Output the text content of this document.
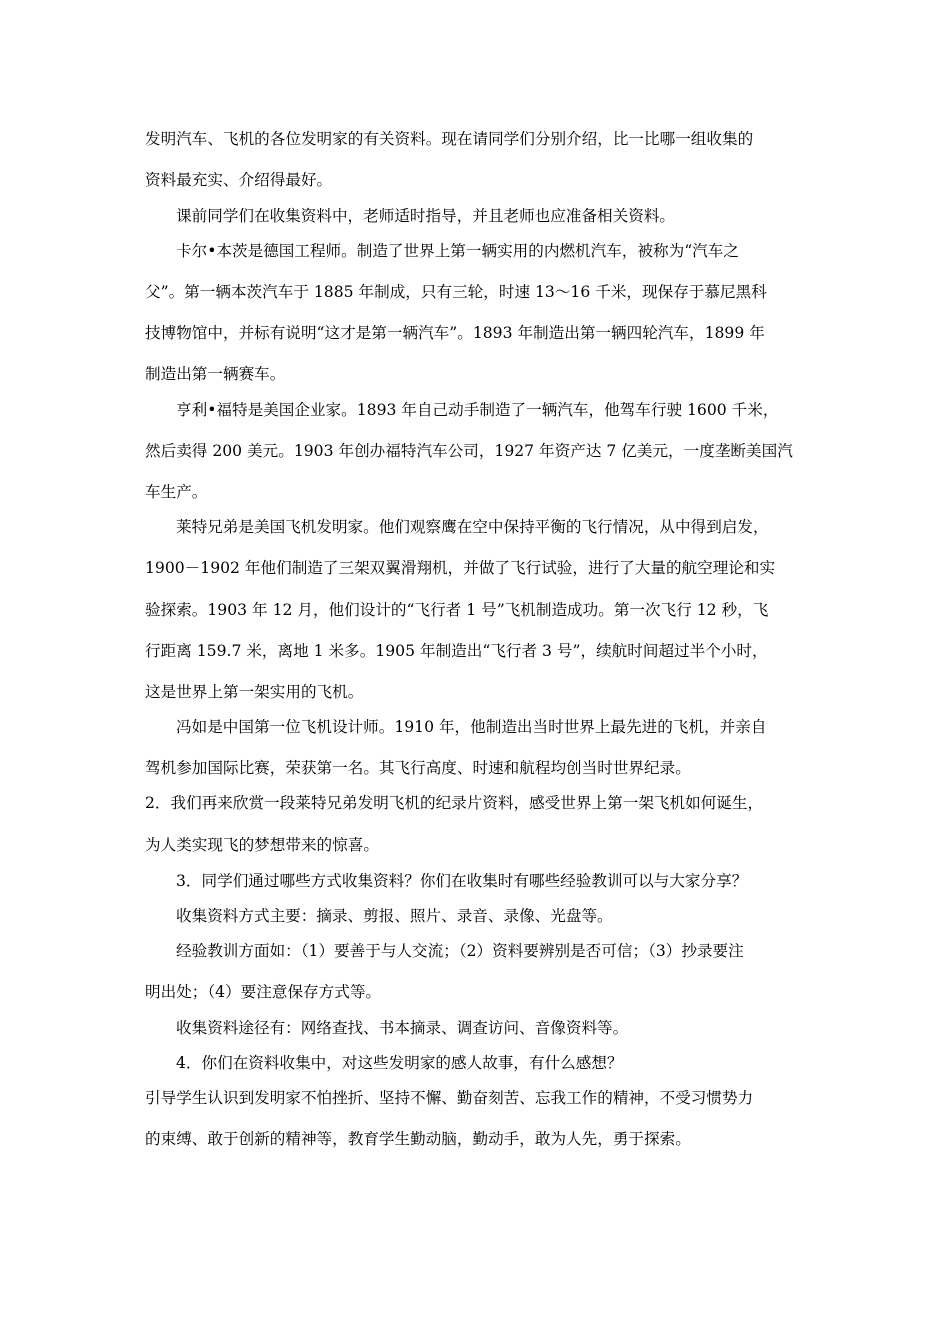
发明汽车、飞机的各位发明家的有关资料。现在请同学们分别介绍，比一比哪一组收集的
资料最充实、介绍得最好。
课前同学们在收集资料中，老师适时指导，并且老师也应准备相关资料。
卡尔•本茨是德国工程师。制造了世界上第一辆实用的内燃机汽车，被称为“汽车之
父”。第一辆本茨汽车于 1885 年制成，只有三轮，时速 13～16 千米，现保存于慕尼黑科
技博物馆中，并标有说明“这才是第一辆汽车”。1893 年制造出第一辆四轮汽车，1899 年
制造出第一辆赛车。
亨利•福特是美国企业家。1893 年自己动手制造了一辆汽车，他驾车行驶 1600 千米，
然后卖得 200 美元。1903 年创办福特汽车公司，1927 年资产达 7 亿美元，一度垄断美国汽
车生产。
莱特兄弟是美国飞机发明家。他们观察鹰在空中保持平衡的飞行情况，从中得到启发，
1900－1902 年他们制造了三架双翼滑翔机，并做了飞行试验，进行了大量的航空理论和实
验探索。1903 年 12 月，他们设计的“飞行者 1 号”飞机制造成功。第一次飞行 12 秒，飞
行距离 159.7 米，离地 1 米多。1905 年制造出“飞行者 3 号”，续航时间超过半个小时，
这是世界上第一架实用的飞机。
冯如是中国第一位飞机设计师。1910 年，他制造出当时世界上最先进的飞机，并亲自
驾机参加国际比赛，荣获第一名。其飞行高度、时速和航程均创当时世界纪录。
2．我们再来欣赏一段莱特兄弟发明飞机的纪录片资料，感受世界上第一架飞机如何诞生，
为人类实现飞的梦想带来的惊喜。
3．同学们通过哪些方式收集资料？你们在收集时有哪些经验教训可以与大家分享？
收集资料方式主要：摘录、剪报、照片、录音、录像、光盘等。
经验教训方面如：（1）要善于与人交流；（2）资料要辨别是否可信；（3）抄录要注
明出处；（4）要注意保存方式等。
收集资料途径有：网络查找、书本摘录、调查访问、音像资料等。
4．你们在资料收集中，对这些发明家的感人故事，有什么感想？
引导学生认识到发明家不怕挫折、坚持不懈、勤奋刻苦、忘我工作的精神，不受习惯势力
的束缚、敢于创新的精神等，教育学生勤动脑，勤动手，敢为人先，勇于探索。
